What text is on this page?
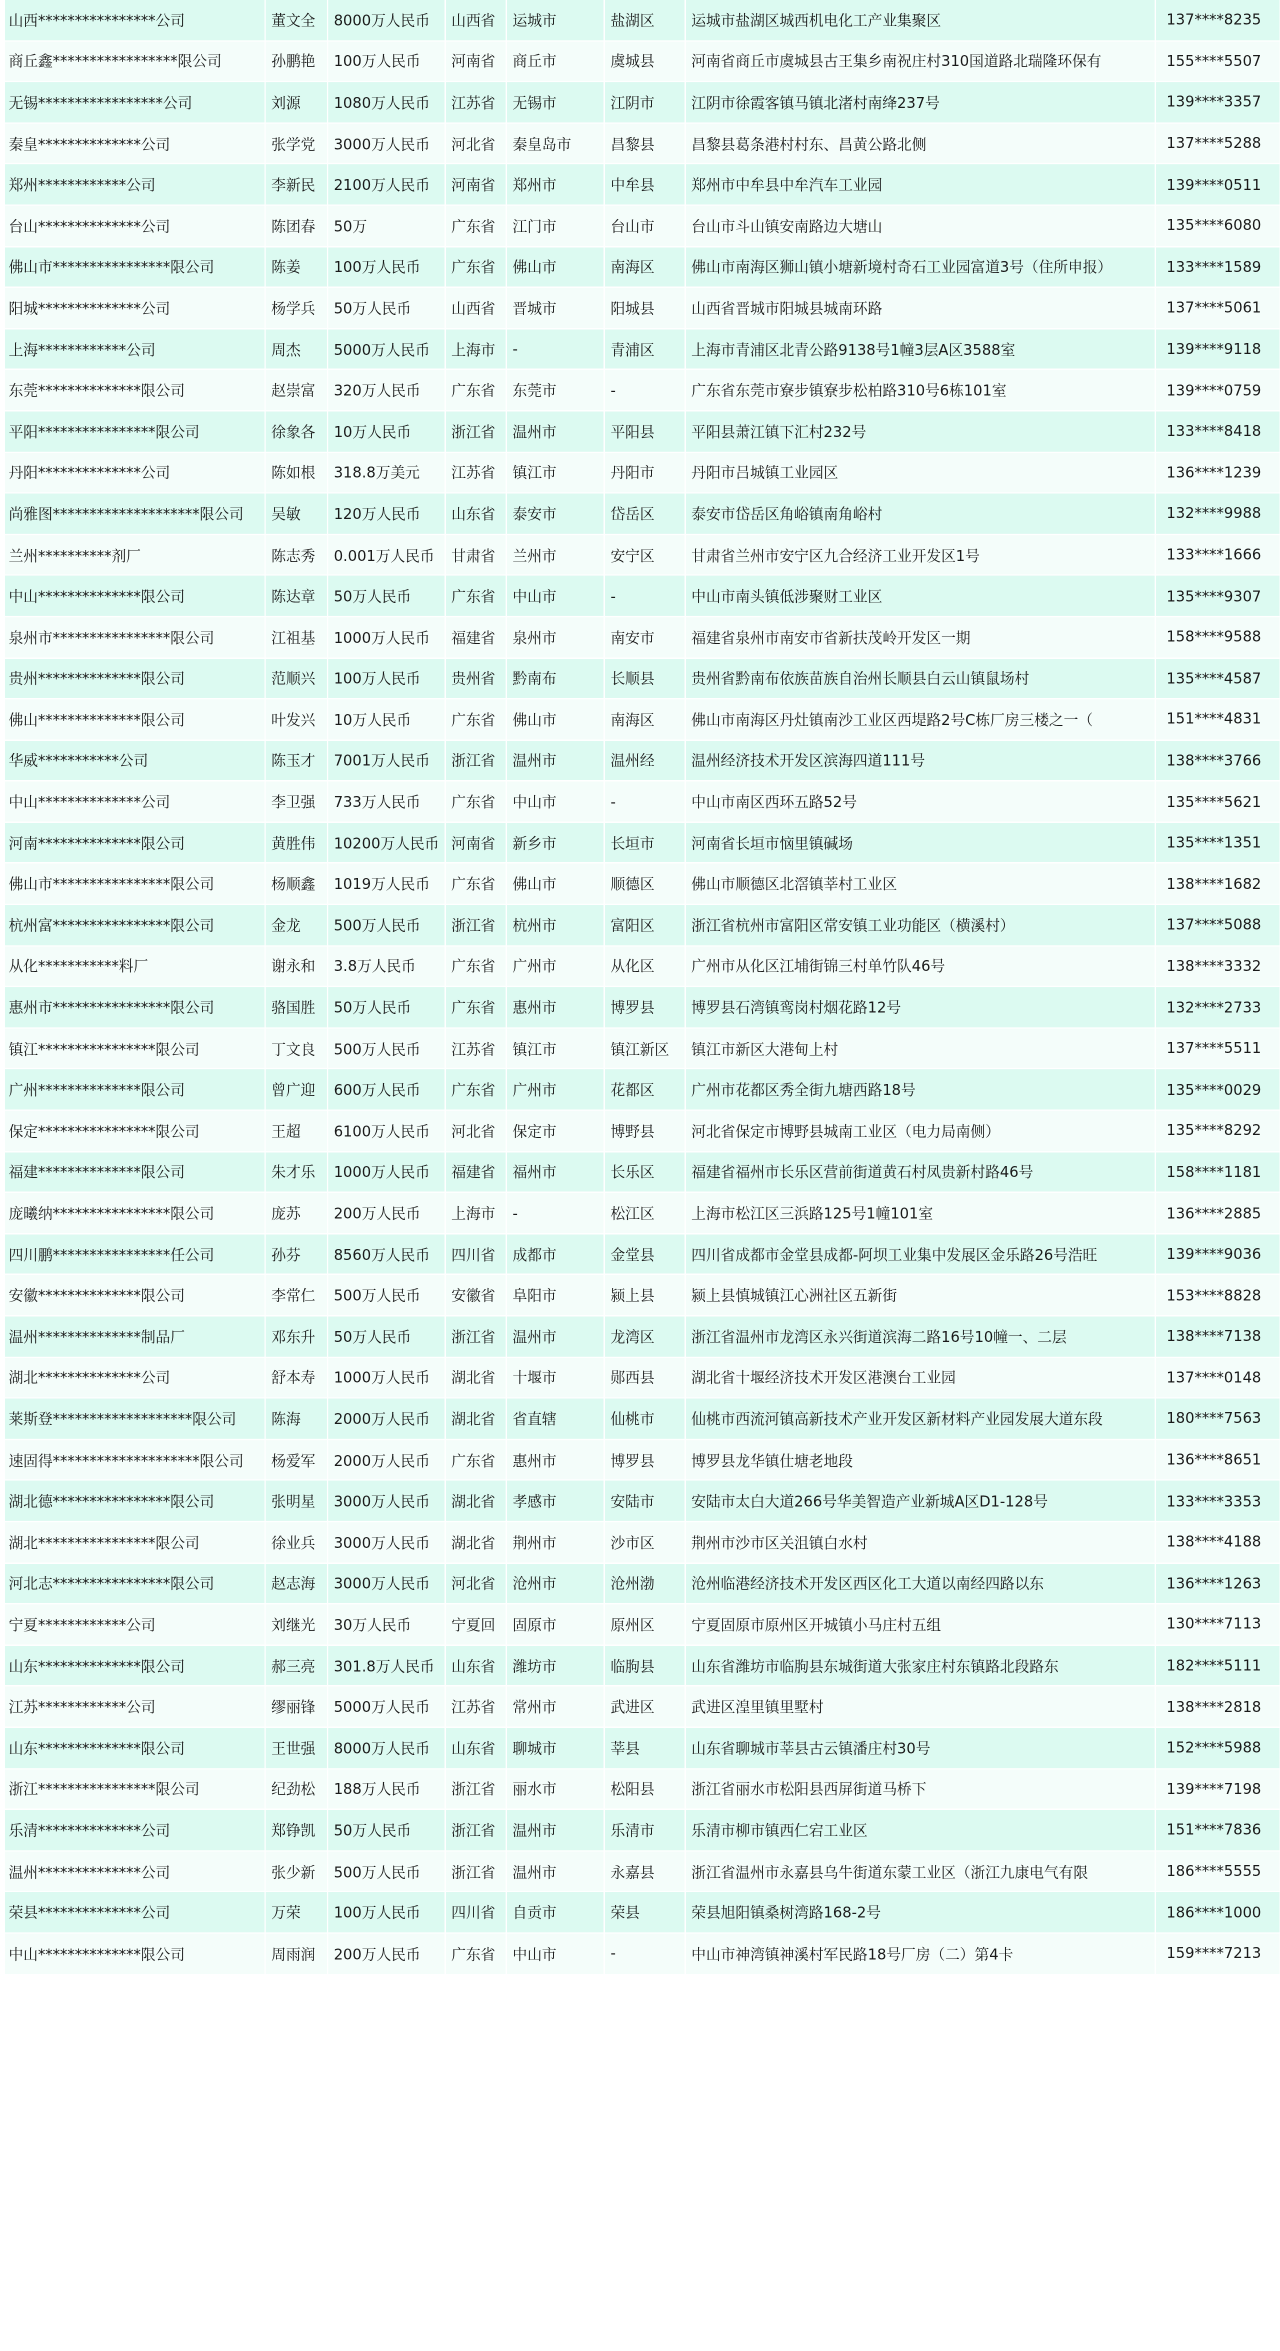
山西****************公司	董文全	8000万人民币	山西省	运城市	盐湖区	运城市盐湖区城西机电化工产业集聚区	137****8235
商丘鑫*****************限公司	孙鹏艳	100万人民币	河南省	商丘市	虞城县	河南省商丘市虞城县古王集乡南祝庄村310国道路北瑞隆环保有	155****5507
无锡*****************公司	刘源	1080万人民币	江苏省	无锡市	江阴市	江阴市徐霞客镇马镇北渚村南绛237号	139****3357
秦皇**************公司	张学党	3000万人民币	河北省	秦皇岛市	昌黎县	昌黎县葛条港村村东、昌黄公路北侧	137****5288
郑州************公司	李新民	2100万人民币	河南省	郑州市	中牟县	郑州市中牟县中牟汽车工业园	139****0511
台山**************公司	陈团春	50万	广东省	江门市	台山市	台山市斗山镇安南路边大塘山	135****6080
佛山市****************限公司	陈姜	100万人民币	广东省	佛山市	南海区	佛山市南海区狮山镇小塘新境村奇石工业园富道3号（住所申报）	133****1589
阳城**************公司	杨学兵	50万人民币	山西省	晋城市	阳城县	山西省晋城市阳城县城南环路	137****5061
上海************公司	周杰	5000万人民币	上海市	-	青浦区	上海市青浦区北青公路9138号1幢3层A区3588室	139****9118
东莞**************限公司	赵崇富	320万人民币	广东省	东莞市	-	广东省东莞市寮步镇寮步松柏路310号6栋101室	139****0759
平阳****************限公司	徐象各	10万人民币	浙江省	温州市	平阳县	平阳县萧江镇下汇村232号	133****8418
丹阳**************公司	陈如根	318.8万美元	江苏省	镇江市	丹阳市	丹阳市吕城镇工业园区	136****1239
尚雅图********************限公司	吴敏	120万人民币	山东省	泰安市	岱岳区	泰安市岱岳区角峪镇南角峪村	132****9988
兰州**********剂厂	陈志秀	0.001万人民币	甘肃省	兰州市	安宁区	甘肃省兰州市安宁区九合经济工业开发区1号	133****1666
中山**************限公司	陈达章	50万人民币	广东省	中山市	-	中山市南头镇低涉聚财工业区	135****9307
泉州市****************限公司	江祖基	1000万人民币	福建省	泉州市	南安市	福建省泉州市南安市省新扶茂岭开发区一期	158****9588
贵州**************限公司	范顺兴	100万人民币	贵州省	黔南布	长顺县	贵州省黔南布依族苗族自治州长顺县白云山镇鼠场村	135****4587
佛山**************限公司	叶发兴	10万人民币	广东省	佛山市	南海区	佛山市南海区丹灶镇南沙工业区西堤路2号C栋厂房三楼之一（	151****4831
华威***********公司	陈玉才	7001万人民币	浙江省	温州市	温州经	温州经济技术开发区滨海四道111号	138****3766
中山**************公司	李卫强	733万人民币	广东省	中山市	-	中山市南区西环五路52号	135****5621
河南**************限公司	黄胜伟	10200万人民币	河南省	新乡市	长垣市	河南省长垣市恼里镇碱场	135****1351
佛山市****************限公司	杨顺鑫	1019万人民币	广东省	佛山市	顺德区	佛山市顺德区北滘镇莘村工业区	138****1682
杭州富****************限公司	金龙	500万人民币	浙江省	杭州市	富阳区	浙江省杭州市富阳区常安镇工业功能区（横溪村）	137****5088
从化***********料厂	谢永和	3.8万人民币	广东省	广州市	从化区	广州市从化区江埔街锦三村单竹队46号	138****3332
惠州市****************限公司	骆国胜	50万人民币	广东省	惠州市	博罗县	博罗县石湾镇鸾岗村烟花路12号	132****2733
镇江****************限公司	丁文良	500万人民币	江苏省	镇江市	镇江新区	镇江市新区大港甸上村	137****5511
广州**************限公司	曾广迎	600万人民币	广东省	广州市	花都区	广州市花都区秀全街九塘西路18号	135****0029
保定****************限公司	王超	6100万人民币	河北省	保定市	博野县	河北省保定市博野县城南工业区（电力局南侧）	135****8292
福建**************限公司	朱才乐	1000万人民币	福建省	福州市	长乐区	福建省福州市长乐区营前街道黄石村凤贵新村路46号	158****1181
庞曦纳****************限公司	庞苏	200万人民币	上海市	-	松江区	上海市松江区三浜路125号1幢101室	136****2885
四川鹏****************任公司	孙芬	8560万人民币	四川省	成都市	金堂县	四川省成都市金堂县成都-阿坝工业集中发展区金乐路26号浩旺	139****9036
安徽**************限公司	李常仁	500万人民币	安徽省	阜阳市	颍上县	颍上县慎城镇江心洲社区五新街	153****8828
温州**************制品厂	邓东升	50万人民币	浙江省	温州市	龙湾区	浙江省温州市龙湾区永兴街道滨海二路16号10幢一、二层	138****7138
湖北**************公司	舒本寿	1000万人民币	湖北省	十堰市	郧西县	湖北省十堰经济技术开发区港澳台工业园	137****0148
莱斯登*******************限公司	陈海	2000万人民币	湖北省	省直辖	仙桃市	仙桃市西流河镇高新技术产业开发区新材料产业园发展大道东段	180****7563
速固得********************限公司	杨爱军	2000万人民币	广东省	惠州市	博罗县	博罗县龙华镇仕塘老地段	136****8651
湖北德****************限公司	张明星	3000万人民币	湖北省	孝感市	安陆市	安陆市太白大道266号华美智造产业新城A区D1-128号	133****3353
湖北****************限公司	徐业兵	3000万人民币	湖北省	荆州市	沙市区	荆州市沙市区关沮镇白水村	138****4188
河北志****************限公司	赵志海	3000万人民币	河北省	沧州市	沧州渤	沧州临港经济技术开发区西区化工大道以南经四路以东	136****1263
宁夏************公司	刘继光	30万人民币	宁夏回	固原市	原州区	宁夏固原市原州区开城镇小马庄村五组	130****7113
山东**************限公司	郝三亮	301.8万人民币	山东省	潍坊市	临朐县	山东省潍坊市临朐县东城街道大张家庄村东镇路北段路东	182****5111
江苏************公司	缪丽锋	5000万人民币	江苏省	常州市	武进区	武进区湟里镇里墅村	138****2818
山东**************限公司	王世强	8000万人民币	山东省	聊城市	莘县	山东省聊城市莘县古云镇潘庄村30号	152****5988
浙江****************限公司	纪劲松	188万人民币	浙江省	丽水市	松阳县	浙江省丽水市松阳县西屏街道马桥下	139****7198
乐清**************公司	郑铮凯	50万人民币	浙江省	温州市	乐清市	乐清市柳市镇西仁宕工业区	151****7836
温州**************公司	张少新	500万人民币	浙江省	温州市	永嘉县	浙江省温州市永嘉县乌牛街道东蒙工业区（浙江九康电气有限	186****5555
荣县**************公司	万荣	100万人民币	四川省	自贡市	荣县	荣县旭阳镇桑树湾路168-2号	186****1000
中山**************限公司	周雨润	200万人民币	广东省	中山市	-	中山市神湾镇神溪村军民路18号厂房（二）第4卡	159****7213
